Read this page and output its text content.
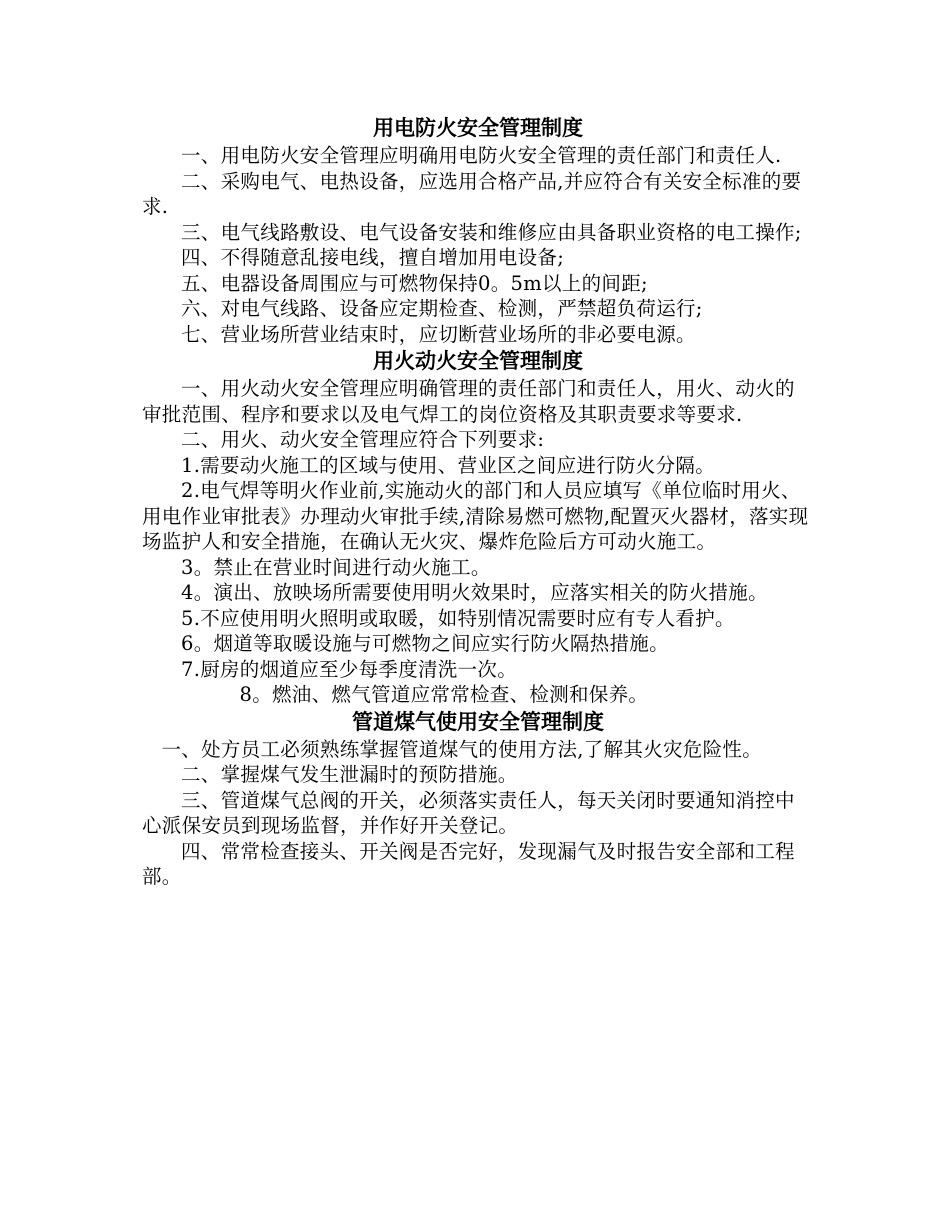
用电防火安全管理制度

一、用电防火安全管理应明确用电防火安全管理的责任部门和责任人.

二、采购电气、电热设备，应选用合格产品,并应符合有关安全标准的要求.

三、电气线路敷设、电气设备安装和维修应由具备职业资格的电工操作;

四、不得随意乱接电线，擅自增加用电设备;

五、电器设备周围应与可燃物保持0。5m以上的间距;

六、对电气线路、设备应定期检查、检测，严禁超负荷运行;

七、营业场所营业结束时，应切断营业场所的非必要电源。

用火动火安全管理制度

一、用火动火安全管理应明确管理的责任部门和责任人，用火、动火的审批范围、程序和要求以及电气焊工的岗位资格及其职责要求等要求.

二、用火、动火安全管理应符合下列要求:

1.需要动火施工的区域与使用、营业区之间应进行防火分隔。

2.电气焊等明火作业前,实施动火的部门和人员应填写《单位临时用火、用电作业审批表》办理动火审批手续,清除易燃可燃物,配置灭火器材，落实现场监护人和安全措施，在确认无火灾、爆炸危险后方可动火施工。

3。禁止在营业时间进行动火施工。

4。演出、放映场所需要使用明火效果时，应落实相关的防火措施。

5.不应使用明火照明或取暖，如特别情况需要时应有专人看护。

6。烟道等取暖设施与可燃物之间应实行防火隔热措施。

7.厨房的烟道应至少每季度清洗一次。

8。燃油、燃气管道应常常检查、检测和保养。

管道煤气使用安全管理制度

一、处方员工必须熟练掌握管道煤气的使用方法,了解其火灾危险性。

二、掌握煤气发生泄漏时的预防措施。

三、管道煤气总阀的开关，必须落实责任人，每天关闭时要通知消控中心派保安员到现场监督，并作好开关登记。

四、常常检查接头、开关阀是否完好，发现漏气及时报告安全部和工程部。
